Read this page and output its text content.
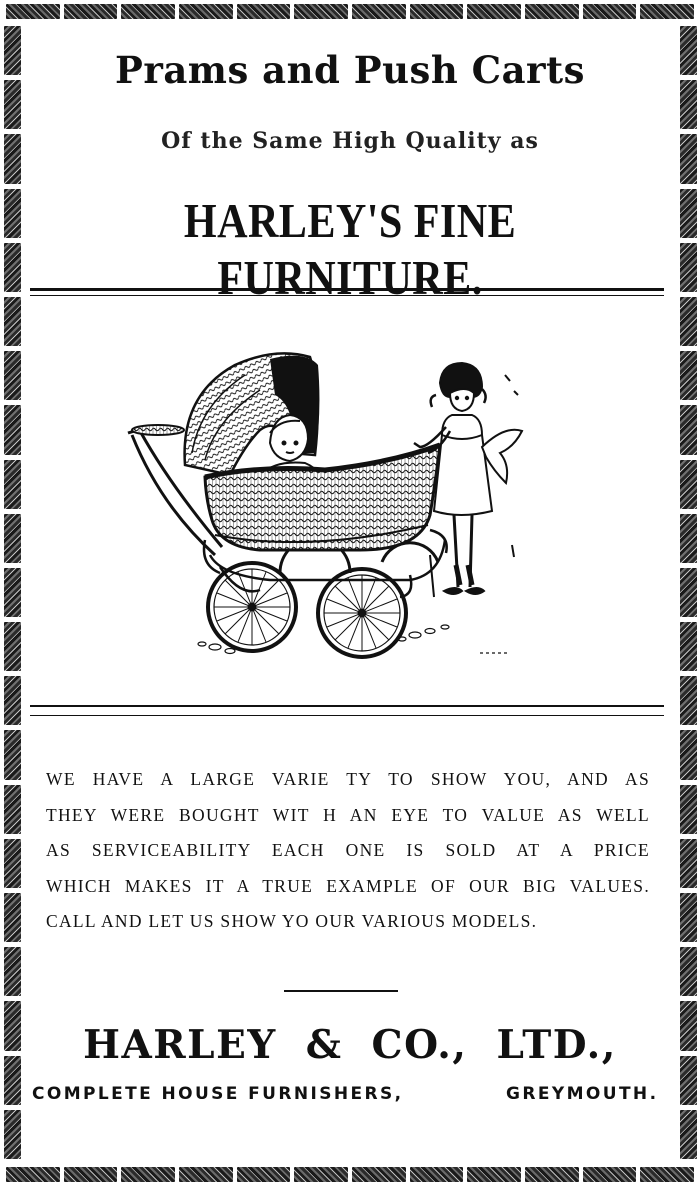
Prams and Push Carts
Of the Same High Quality as
HARLEY'S FINE FURNITURE.
WE HAVE A LARGE VARIE TY TO SHOW YOU, AND AS
THEY WERE BOUGHT WIT H AN EYE TO VALUE AS WELL
AS SERVICEABILITY EACH ONE IS SOLD AT A PRICE
WHICH MAKES IT A TRUE EXAMPLE OF OUR BIG VALUES.
CALL AND LET US SHOW YO OUR VARIOUS MODELS.
HARLEY & CO., LTD.,

COMPLETE HOUSE FURNISHERS,	GREYMOUTH.
